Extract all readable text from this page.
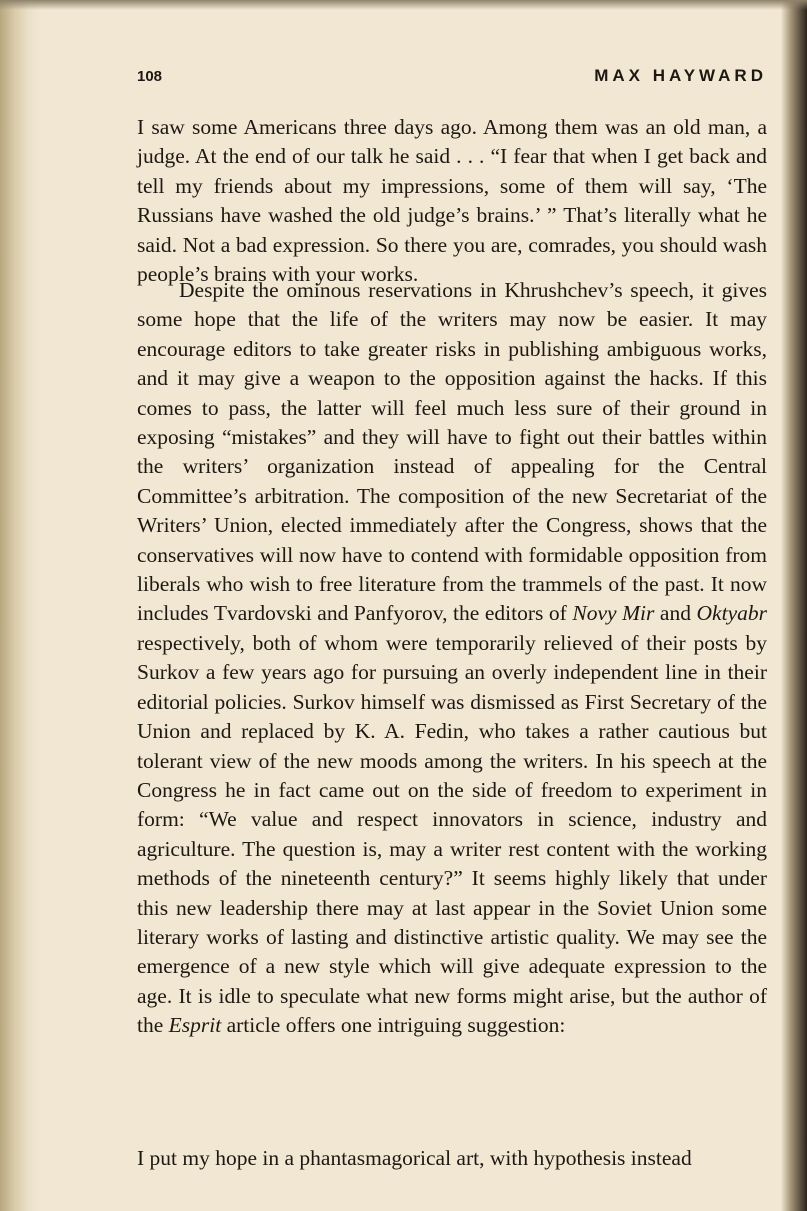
108	MAX HAYWARD

I saw some Americans three days ago. Among them was an old man, a judge. At the end of our talk he said . . . “I fear that when I get back and tell my friends about my impressions, some of them will say, ‘The Russians have washed the old judge’s brains.’ ” That’s literally what he said. Not a bad expression. So there you are, comrades, you should wash people’s brains with your works.

Despite the ominous reservations in Khrushchev’s speech, it gives some hope that the life of the writers may now be easier. It may encourage editors to take greater risks in publishing ambiguous works, and it may give a weapon to the opposition against the hacks. If this comes to pass, the latter will feel much less sure of their ground in exposing “mistakes” and they will have to fight out their battles within the writers’ organization instead of appealing for the Central Committee’s arbitration. The composition of the new Secretariat of the Writers’ Union, elected immediately after the Congress, shows that the conservatives will now have to contend with formidable opposition from liberals who wish to free literature from the trammels of the past. It now includes Tvardovski and Panfyorov, the editors of Novy Mir and Oktyabr respectively, both of whom were temporarily relieved of their posts by Surkov a few years ago for pursuing an overly independent line in their editorial policies. Surkov himself was dismissed as First Secretary of the Union and replaced by K. A. Fedin, who takes a rather cautious but tolerant view of the new moods among the writers. In his speech at the Congress he in fact came out on the side of freedom to experiment in form: “We value and respect innovators in science, industry and agriculture. The question is, may a writer rest content with the working methods of the nineteenth century?” It seems highly likely that under this new leadership there may at last appear in the Soviet Union some literary works of lasting and distinctive artistic quality. We may see the emergence of a new style which will give adequate expression to the age. It is idle to speculate what new forms might arise, but the author of the Esprit article offers one intriguing suggestion:

I put my hope in a phantasmagorical art, with hypothesis instead
